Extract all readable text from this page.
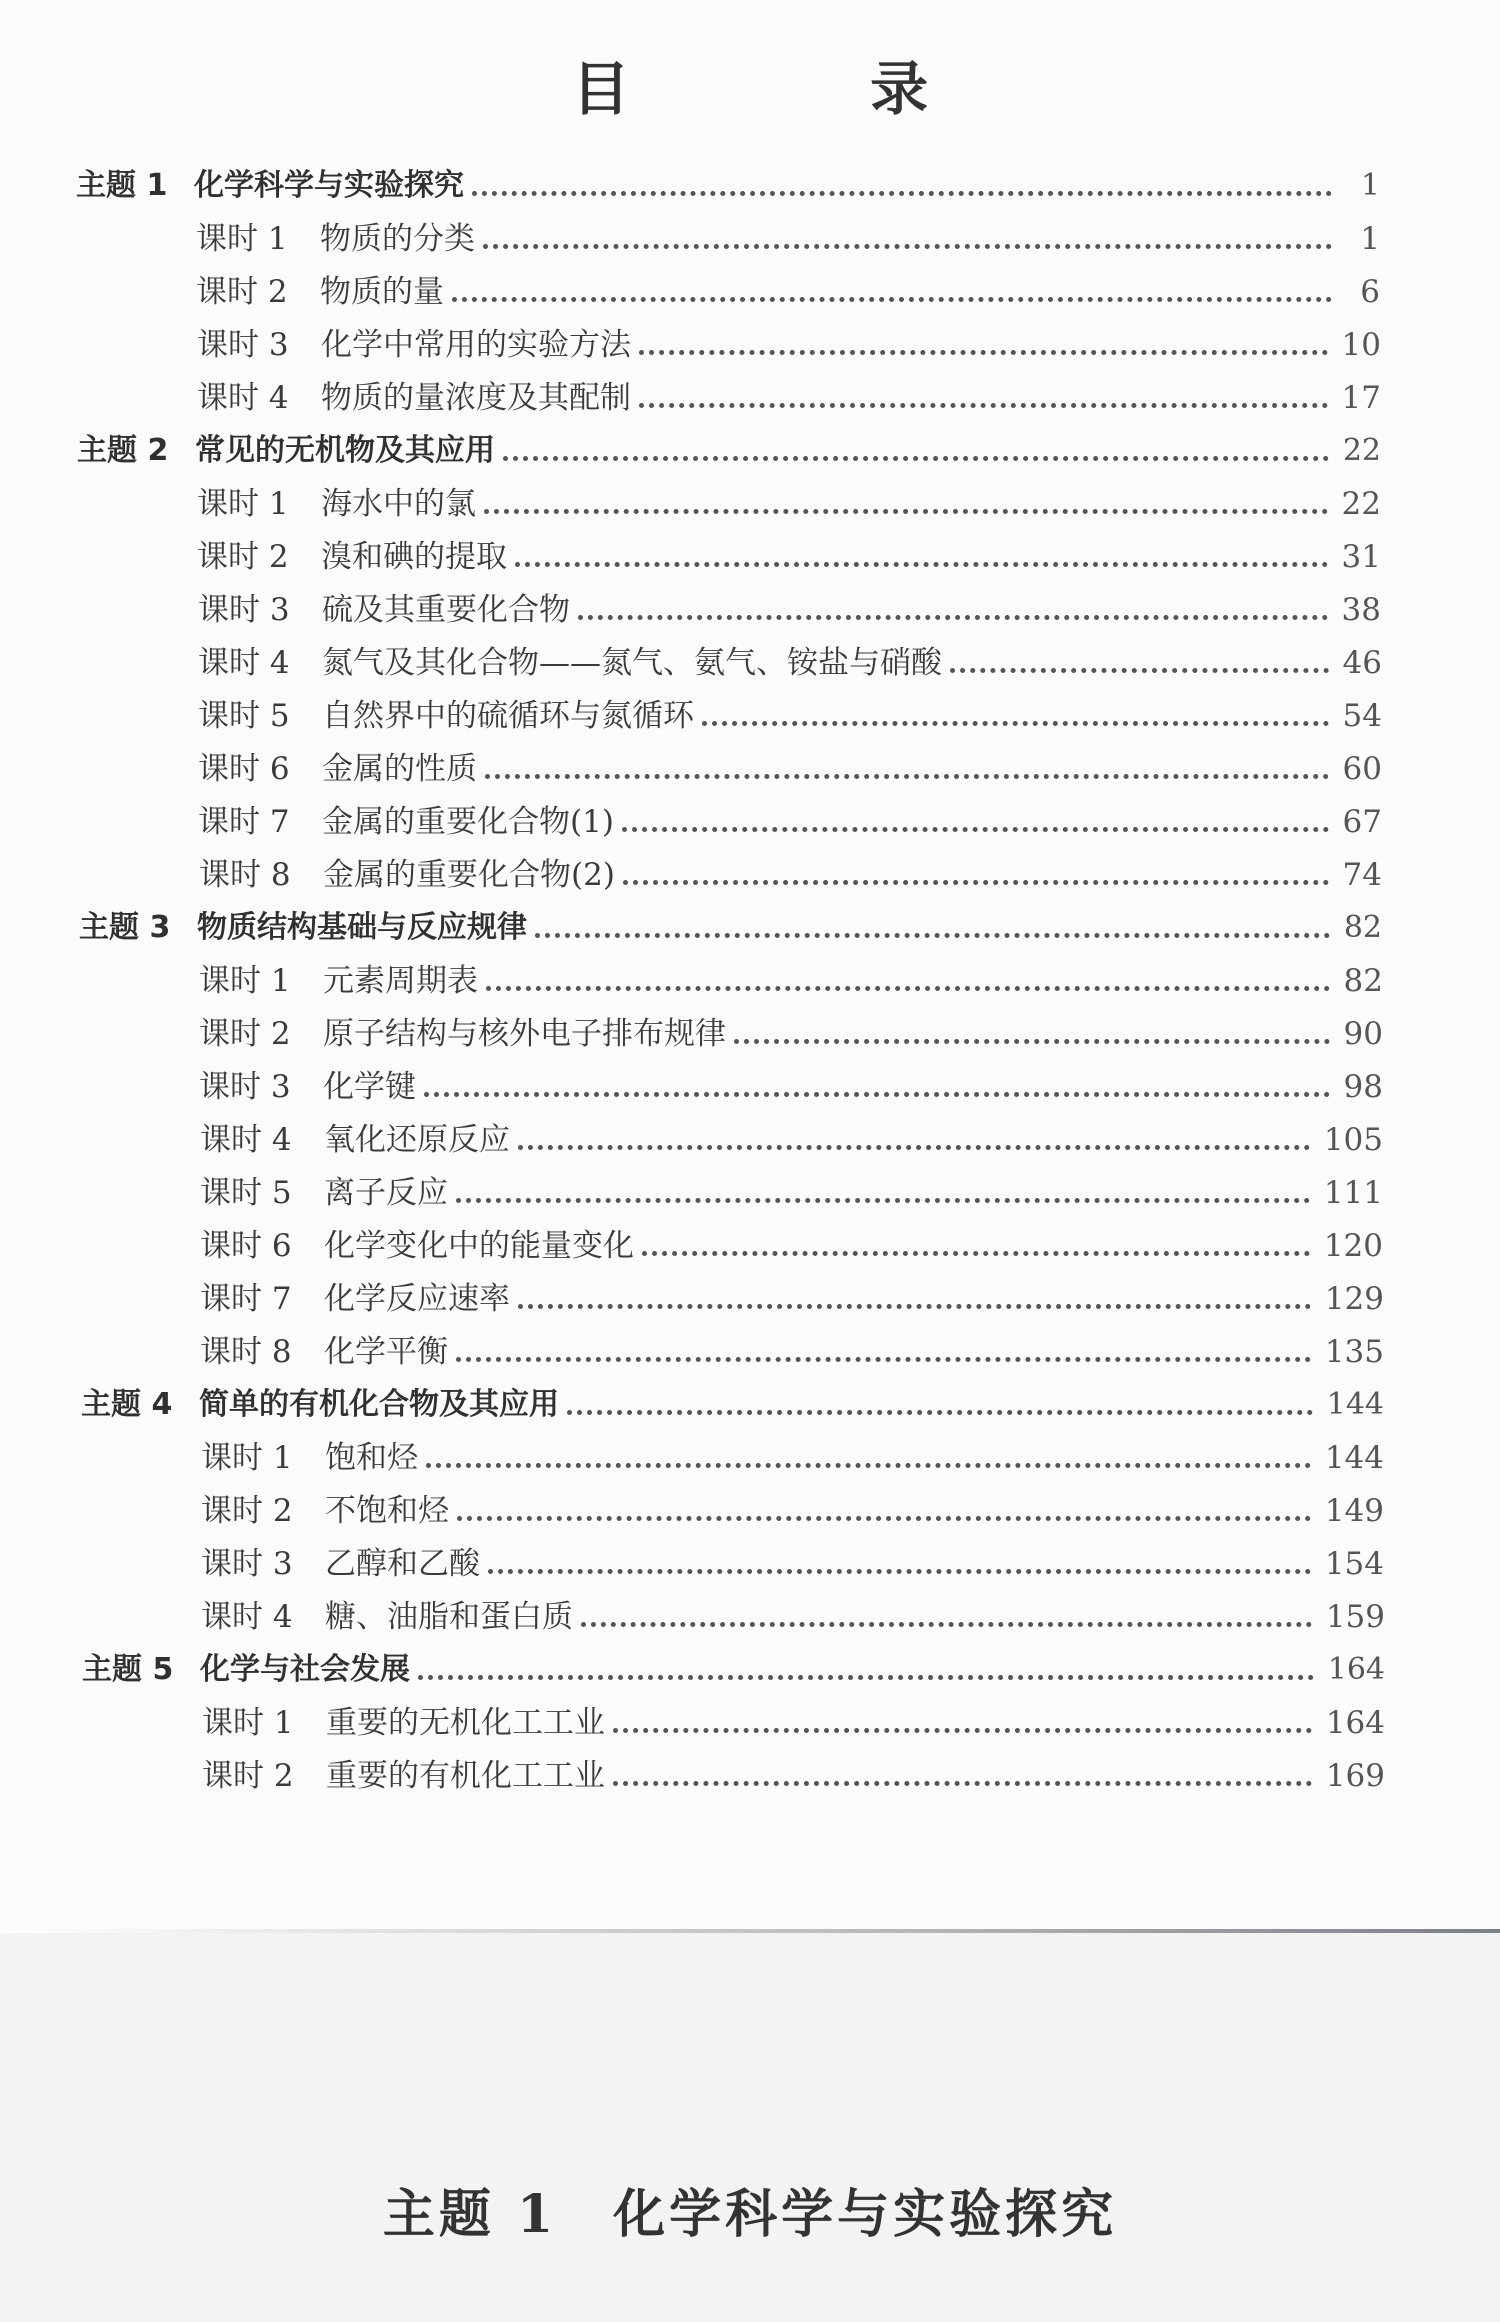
目 录
主题 1 化学科学与实验探究	1
课时 1	物质的分类	1
课时 2	物质的量	6
课时 3	化学中常用的实验方法	10
课时 4	物质的量浓度及其配制	17
主题 2 常见的无机物及其应用	22
课时 1	海水中的氯	22
课时 2	溴和碘的提取	31
课时 3	硫及其重要化合物	38
课时 4	氮气及其化合物——氮气、氨气、铵盐与硝酸	46
课时 5	自然界中的硫循环与氮循环	54
课时 6	金属的性质	60
课时 7	金属的重要化合物(1)	67
课时 8	金属的重要化合物(2)	74
主题 3 物质结构基础与反应规律	82
课时 1	元素周期表	82
课时 2	原子结构与核外电子排布规律	90
课时 3	化学键	98
课时 4	氧化还原反应	105
课时 5	离子反应	111
课时 6	化学变化中的能量变化	120
课时 7	化学反应速率	129
课时 8	化学平衡	135
主题 4 简单的有机化合物及其应用	144
课时 1	饱和烃	144
课时 2	不饱和烃	149
课时 3	乙醇和乙酸	154
课时 4	糖、油脂和蛋白质	159
主题 5 化学与社会发展	164
课时 1	重要的无机化工工业	164
课时 2	重要的有机化工工业	169
主题 1 化学科学与实验探究
